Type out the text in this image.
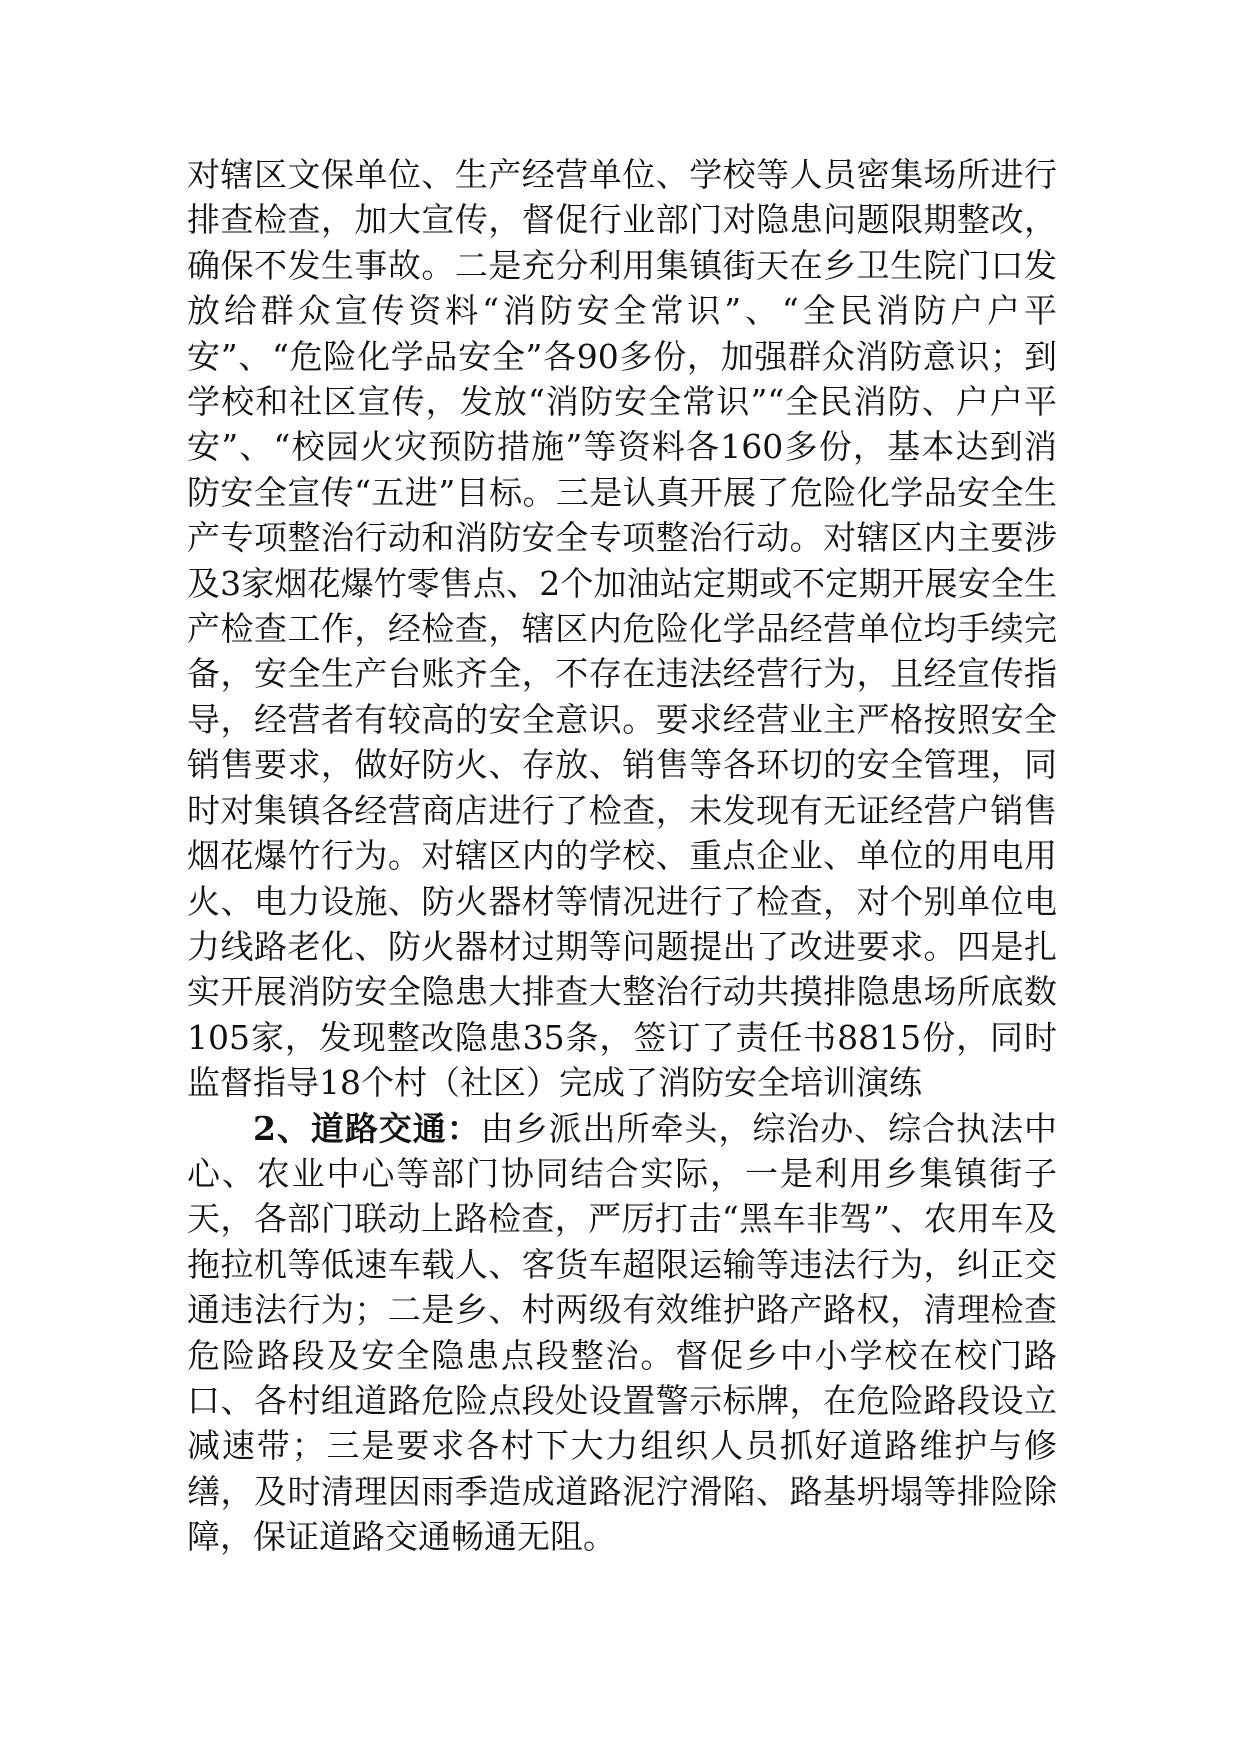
对辖区文保单位、生产经营单位、学校等人员密集场所进行排查检查，加大宣传，督促行业部门对隐患问题限期整改，确保不发生事故。二是充分利用集镇街天在乡卫生院门口发放给群众宣传资料“消防安全常识”、“全民消防户户平安”、“危险化学品安全”各90多份，加强群众消防意识；到学校和社区宣传，发放“消防安全常识”“全民消防、户户平安”、“校园火灾预防措施”等资料各160多份，基本达到消防安全宣传“五进”目标。三是认真开展了危险化学品安全生产专项整治行动和消防安全专项整治行动。对辖区内主要涉及3家烟花爆竹零售点、2个加油站定期或不定期开展安全生产检查工作，经检查，辖区内危险化学品经营单位均手续完备，安全生产台账齐全，不存在违法经营行为，且经宣传指导，经营者有较高的安全意识。要求经营业主严格按照安全销售要求，做好防火、存放、销售等各环切的安全管理，同时对集镇各经营商店进行了检查，未发现有无证经营户销售烟花爆竹行为。对辖区内的学校、重点企业、单位的用电用火、电力设施、防火器材等情况进行了检查，对个别单位电力线路老化、防火器材过期等问题提出了改进要求。四是扎实开展消防安全隐患大排查大整治行动共摸排隐患场所底数105家，发现整改隐患35条，签订了责任书8815份，同时监督指导18个村（社区）完成了消防安全培训演练

2、道路交通：由乡派出所牵头，综治办、综合执法中心、农业中心等部门协同结合实际，一是利用乡集镇街子天，各部门联动上路检查，严厉打击“黑车非驾”、农用车及拖拉机等低速车载人、客货车超限运输等违法行为，纠正交通违法行为；二是乡、村两级有效维护路产路权，清理检查危险路段及安全隐患点段整治。督促乡中小学校在校门路口、各村组道路危险点段处设置警示标牌，在危险路段设立减速带；三是要求各村下大力组织人员抓好道路维护与修缮，及时清理因雨季造成道路泥泞滑陷、路基坍塌等排险除障，保证道路交通畅通无阻。
